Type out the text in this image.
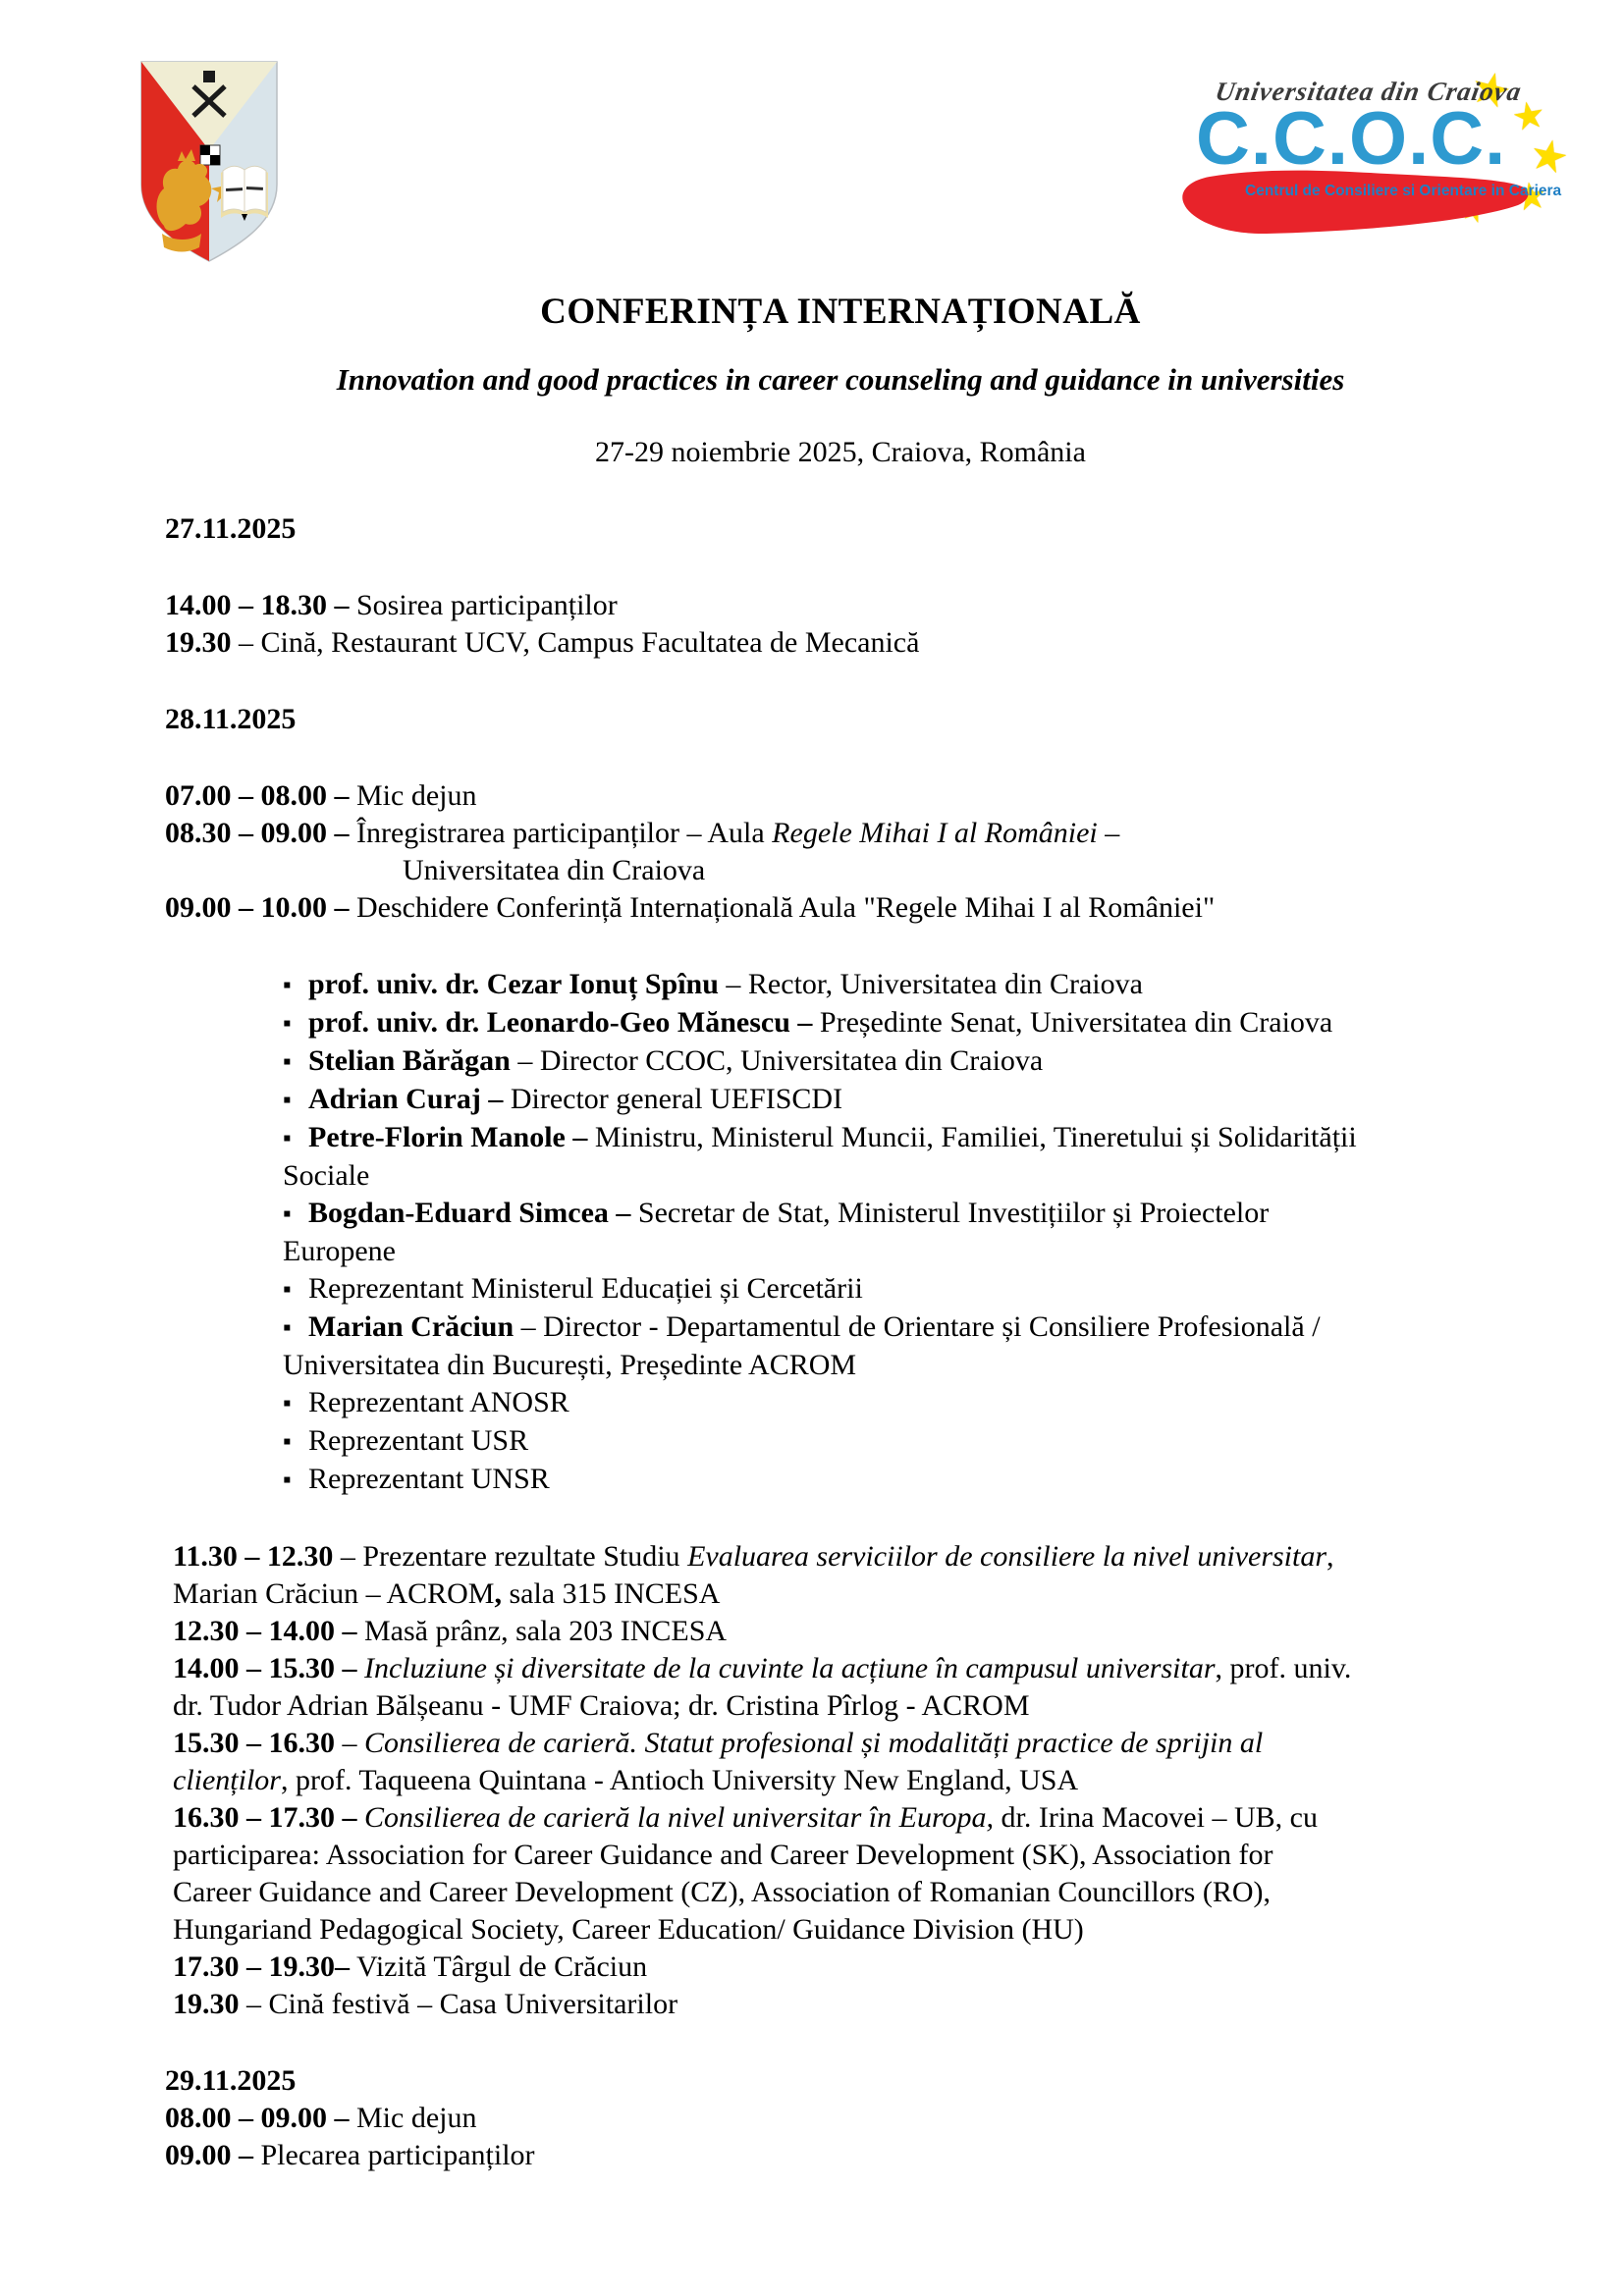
Universitatea din Craiova
C.C.O.C.
Centrul de Consiliere si Orientare in Cariera
★
★
★
★
★
CONFERINȚA INTERNAȚIONALĂ
Innovation and good practices in career counseling and guidance in universities
27-29 noiembrie 2025, Craiova, România
27.11.2025
14.00 – 18.30 – Sosirea participanților
19.30 – Cină, Restaurant UCV, Campus Facultatea de Mecanică
28.11.2025
07.00 – 08.00 – Mic dejun
08.30 – 09.00 – Înregistrarea participanților – Aula Regele Mihai I al României –
Universitatea din Craiova
09.00 – 10.00 – Deschidere Conferință Internațională Aula "Regele Mihai I al României"
▪ prof. univ. dr. Cezar Ionuț Spînu – Rector, Universitatea din Craiova
▪ prof. univ. dr. Leonardo-Geo Mănescu – Președinte Senat, Universitatea din Craiova
▪ Stelian Bărăgan – Director CCOC, Universitatea din Craiova
▪ Adrian Curaj – Director general UEFISCDI
▪ Petre-Florin Manole – Ministru, Ministerul Muncii, Familiei, Tineretului și Solidarității
Sociale
▪ Bogdan-Eduard Simcea – Secretar de Stat, Ministerul Investițiilor și Proiectelor
Europene
▪ Reprezentant Ministerul Educației și Cercetării
▪ Marian Crăciun – Director - Departamentul de Orientare și Consiliere Profesională /
Universitatea din București, Președinte ACROM
▪ Reprezentant ANOSR
▪ Reprezentant USR
▪ Reprezentant UNSR
11.30 – 12.30 – Prezentare rezultate Studiu Evaluarea serviciilor de consiliere la nivel universitar,
Marian Crăciun – ACROM, sala 315 INCESA
12.30 – 14.00 – Masă prânz, sala 203 INCESA
14.00 – 15.30 – Incluziune și diversitate de la cuvinte la acțiune în campusul universitar, prof. univ.
dr. Tudor Adrian Bălșeanu - UMF Craiova; dr. Cristina Pîrlog - ACROM
15.30 – 16.30 – Consilierea de carieră. Statut profesional și modalități practice de sprijin al
clienților, prof. Taqueena Quintana - Antioch University New England, USA
16.30 – 17.30 – Consilierea de carieră la nivel universitar în Europa, dr. Irina Macovei – UB, cu
participarea: Association for Career Guidance and Career Development (SK), Association for
Career Guidance and Career Development (CZ), Association of Romanian Councillors (RO),
Hungariand Pedagogical Society, Career Education/ Guidance Division (HU)
17.30 – 19.30– Vizită Târgul de Crăciun
19.30 – Cină festivă – Casa Universitarilor
29.11.2025
08.00 – 09.00 – Mic dejun
09.00 – Plecarea participanților
